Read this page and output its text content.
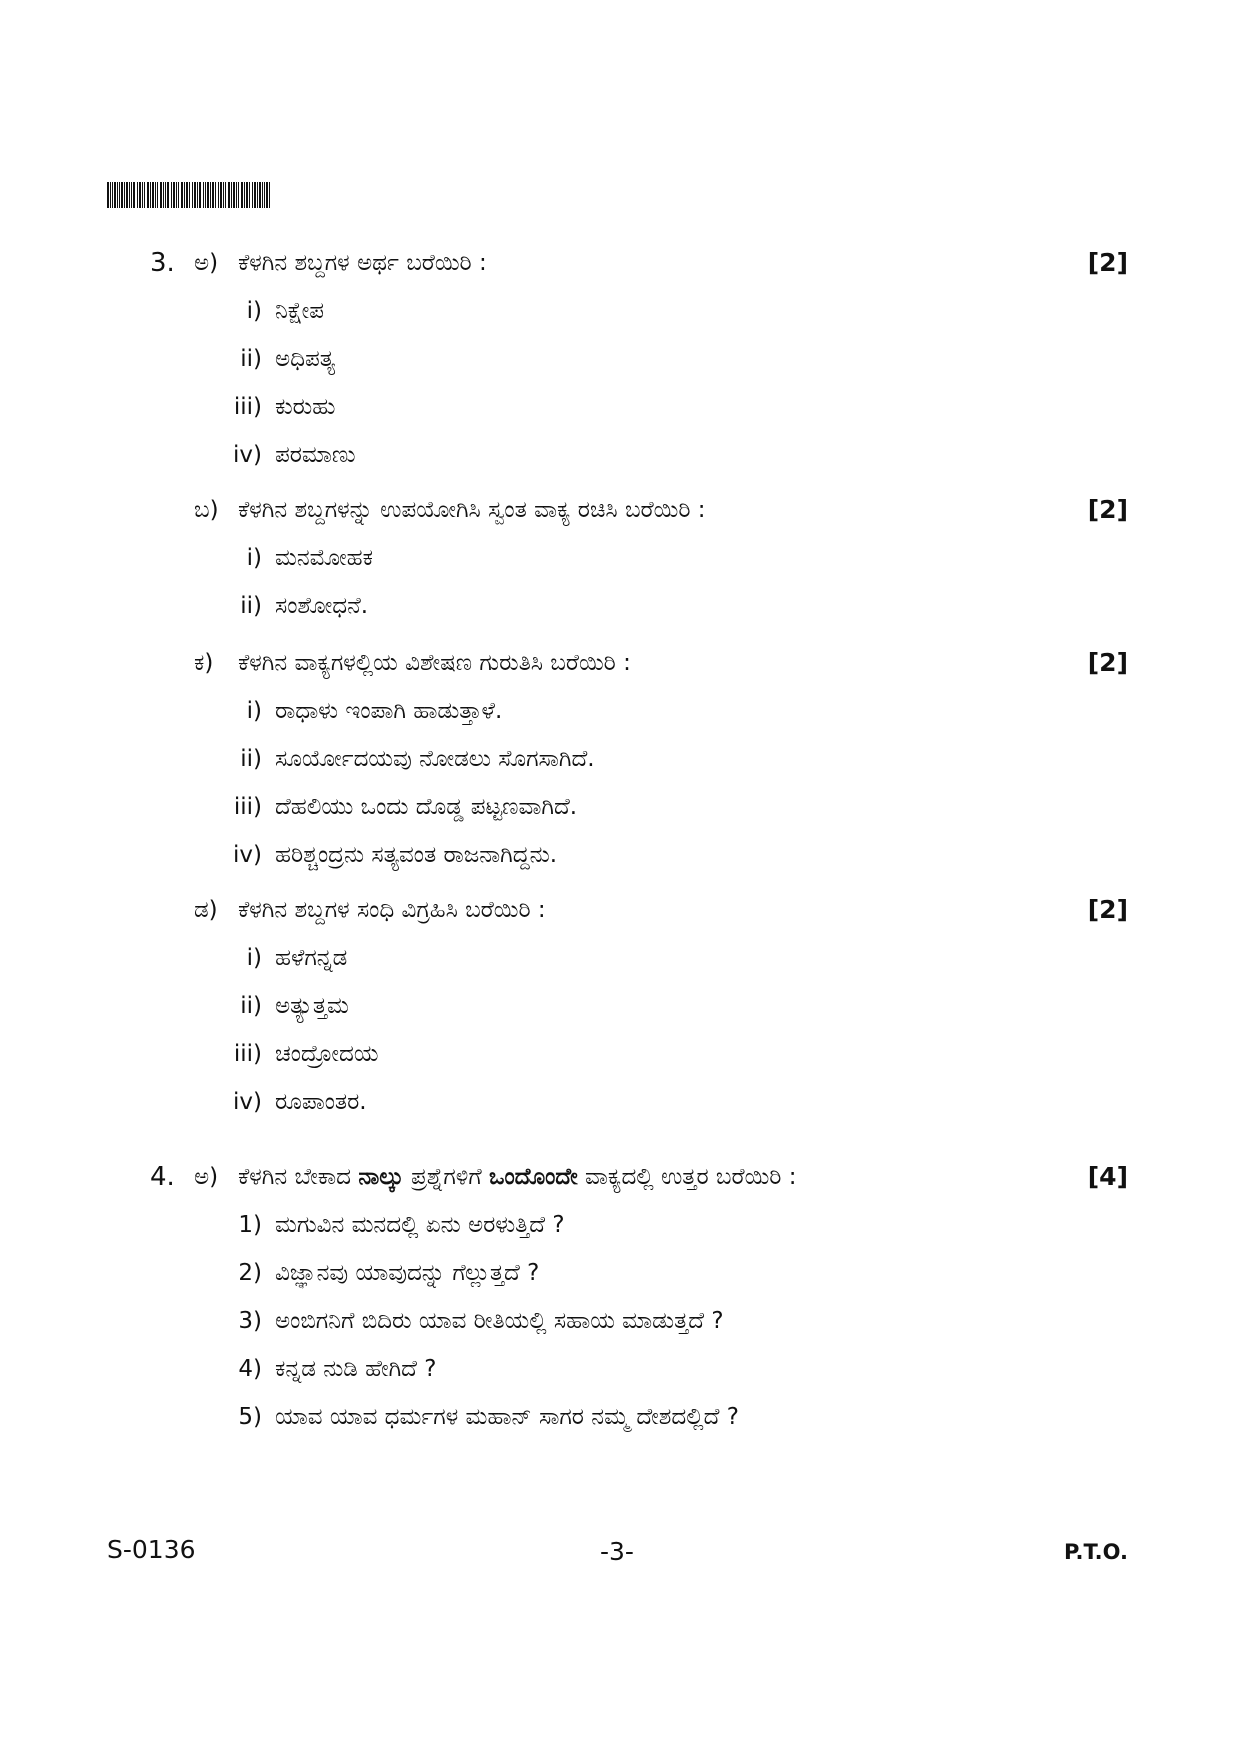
3. ಅ) ಕೆಳಗಿನ ಶಬ್ದಗಳ ಅರ್ಥ ಬರೆಯಿರಿ :	[2]
i) ನಿಕ್ಷೇಪ
ii) ಅಧಿಪತ್ಯ
iii) ಕುರುಹು
iv) ಪರಮಾಣು
ಬ) ಕೆಳಗಿನ ಶಬ್ದಗಳನ್ನು ಉಪಯೋಗಿಸಿ ಸ್ವಂತ ವಾಕ್ಯ ರಚಿಸಿ ಬರೆಯಿರಿ :	[2]
i) ಮನಮೋಹಕ
ii) ಸಂಶೋಧನೆ.
ಕ) ಕೆಳಗಿನ ವಾಕ್ಯಗಳಲ್ಲಿಯ ವಿಶೇಷಣ ಗುರುತಿಸಿ ಬರೆಯಿರಿ :	[2]
i) ರಾಧಾಳು ಇಂಪಾಗಿ ಹಾಡುತ್ತಾಳೆ.
ii) ಸೂರ್ಯೋದಯವು ನೋಡಲು ಸೊಗಸಾಗಿದೆ.
iii) ದೆಹಲಿಯು ಒಂದು ದೊಡ್ಡ ಪಟ್ಟಣವಾಗಿದೆ.
iv) ಹರಿಶ್ಚಂದ್ರನು ಸತ್ಯವಂತ ರಾಜನಾಗಿದ್ದನು.
ಡ) ಕೆಳಗಿನ ಶಬ್ದಗಳ ಸಂಧಿ ವಿಗ್ರಹಿಸಿ ಬರೆಯಿರಿ :	[2]
i) ಹಳೆಗನ್ನಡ
ii) ಅತ್ಯುತ್ತಮ
iii) ಚಂದ್ರೋದಯ
iv) ರೂಪಾಂತರ.
4. ಅ) ಕೆಳಗಿನ ಬೇಕಾದ ನಾಲ್ಕು ಪ್ರಶ್ನೆಗಳಿಗೆ ಒಂದೊಂದೇ ವಾಕ್ಯದಲ್ಲಿ ಉತ್ತರ ಬರೆಯಿರಿ :	[4]
1) ಮಗುವಿನ ಮನದಲ್ಲಿ ಏನು ಅರಳುತ್ತಿದೆ ?
2) ವಿಜ್ಞಾನವು ಯಾವುದನ್ನು ಗೆಲ್ಲುತ್ತದೆ ?
3) ಅಂಬಿಗನಿಗೆ ಬಿದಿರು ಯಾವ ರೀತಿಯಲ್ಲಿ ಸಹಾಯ ಮಾಡುತ್ತದೆ ?
4) ಕನ್ನಡ ನುಡಿ ಹೇಗಿದೆ ?
5) ಯಾವ ಯಾವ ಧರ್ಮಗಳ ಮಹಾನ್ ಸಾಗರ ನಮ್ಮ ದೇಶದಲ್ಲಿದೆ ?
S-0136	-3-	P.T.O.
